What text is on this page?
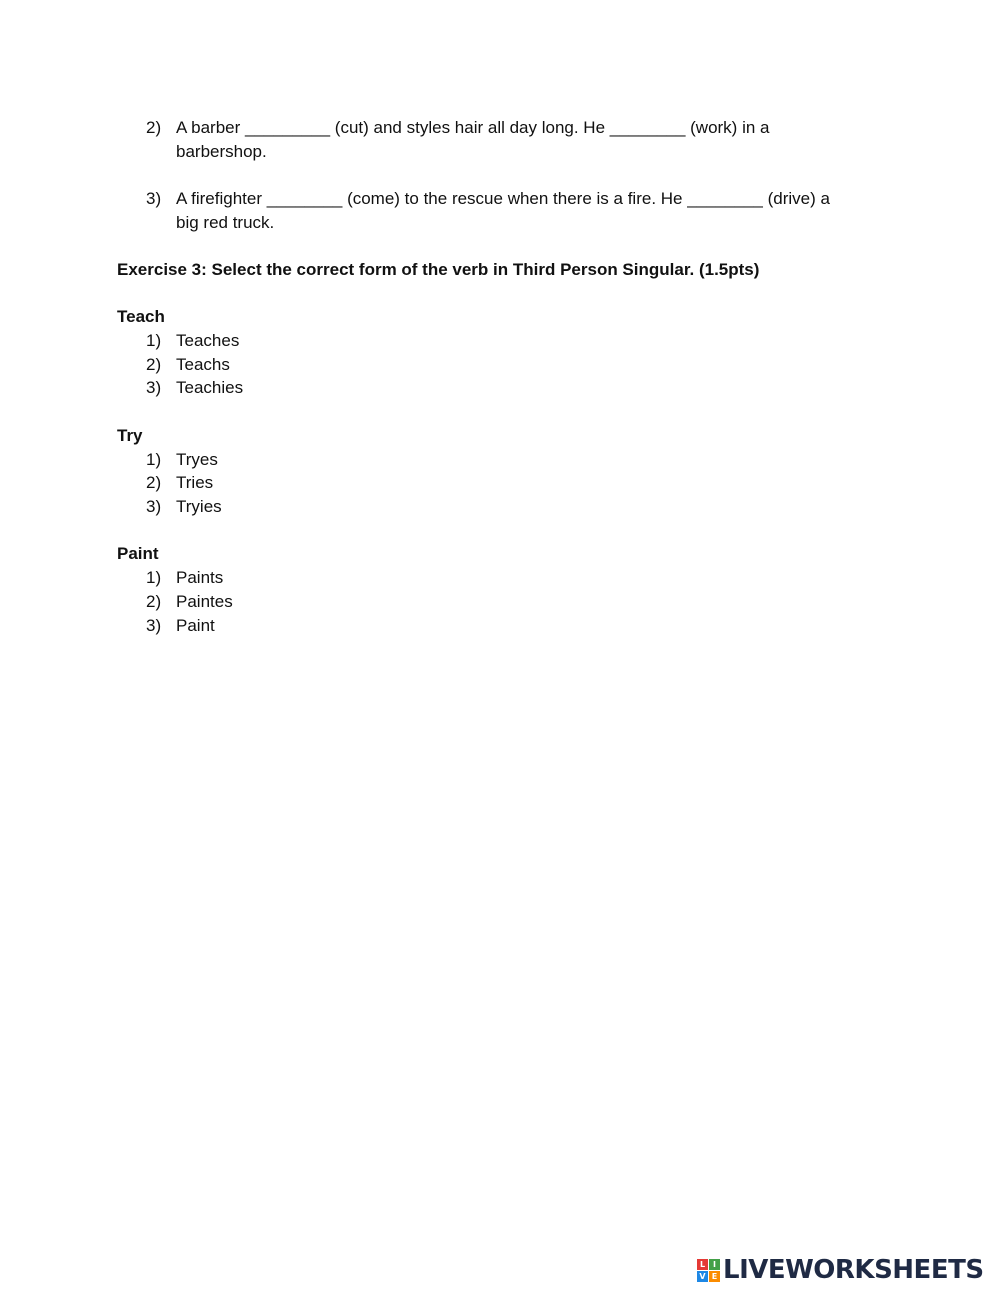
2) A barber _________ (cut) and styles hair all day long. He ________ (work) in a
barbershop.
3) A firefighter ________ (come) to the rescue when there is a fire. He ________ (drive) a
big red truck.
Exercise 3: Select the correct form of the verb in Third Person Singular. (1.5pts)
Teach
1) Teaches
2) Teachs
3) Teachies
Try
1) Tryes
2) Tries
3) Tryies
Paint
1) Paints
2) Paintes
3) Paint
L I
V E LIVEWORKSHEETS
